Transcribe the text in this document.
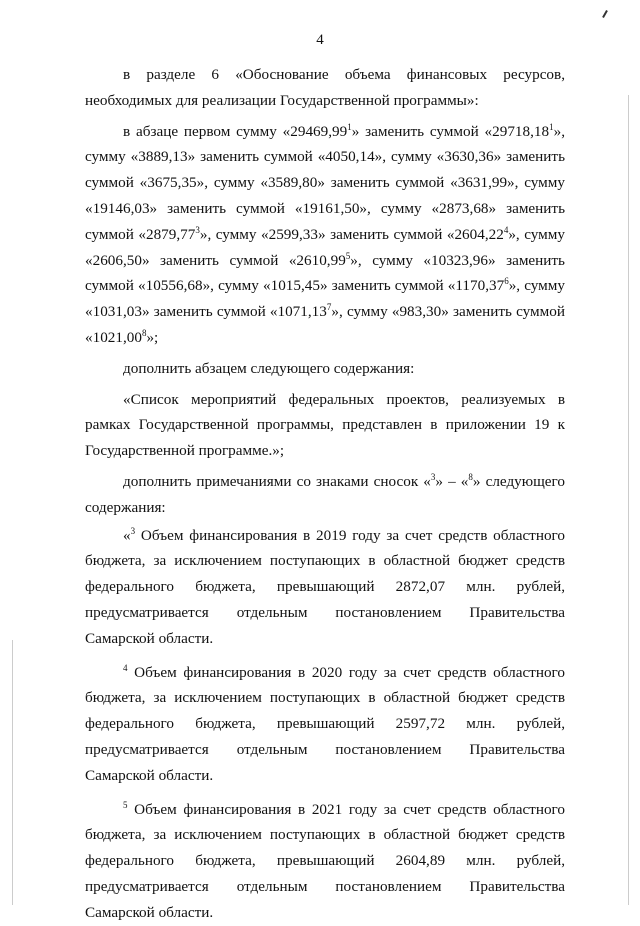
4

в разделе 6 «Обоснование объема финансовых ресурсов, необходимых для реализации Государственной программы»:

в абзаце первом сумму «29469,99$^1$» заменить суммой «29718,18$^1$», сумму «3889,13» заменить суммой «4050,14», сумму «3630,36» заменить суммой «3675,35», сумму «3589,80» заменить суммой «3631,99», сумму «19146,03» заменить суммой «19161,50», сумму «2873,68» заменить суммой «2879,77$^3$», сумму «2599,33» заменить суммой «2604,22$^4$», сумму «2606,50» заменить суммой «2610,99$^5$», сумму «10323,96» заменить суммой «10556,68», сумму «1015,45» заменить суммой «1170,37$^6$», сумму «1031,03» заменить суммой «1071,13$^7$», сумму «983,30» заменить суммой «1021,00$^8$»;

дополнить абзацем следующего содержания:

«Список мероприятий федеральных проектов, реализуемых в рамках Государственной программы, представлен в приложении 19 к Государственной программе.»;

дополнить примечаниями со знаками сносок «$^3$» – «$^8$» следующего содержания:

«$^3$ Объем финансирования в 2019 году за счет средств областного бюджета, за исключением поступающих в областной бюджет средств федерального бюджета, превышающий 2872,07 млн. рублей, предусматривается отдельным постановлением Правительства Самарской области.

$^4$ Объем финансирования в 2020 году за счет средств областного бюджета, за исключением поступающих в областной бюджет средств федерального бюджета, превышающий 2597,72 млн. рублей, предусматривается отдельным постановлением Правительства Самарской области.

$^5$ Объем финансирования в 2021 году за счет средств областного бюджета, за исключением поступающих в областной бюджет средств федерального бюджета, превышающий 2604,89 млн. рублей, предусматривается отдельным постановлением Правительства Самарской области.
